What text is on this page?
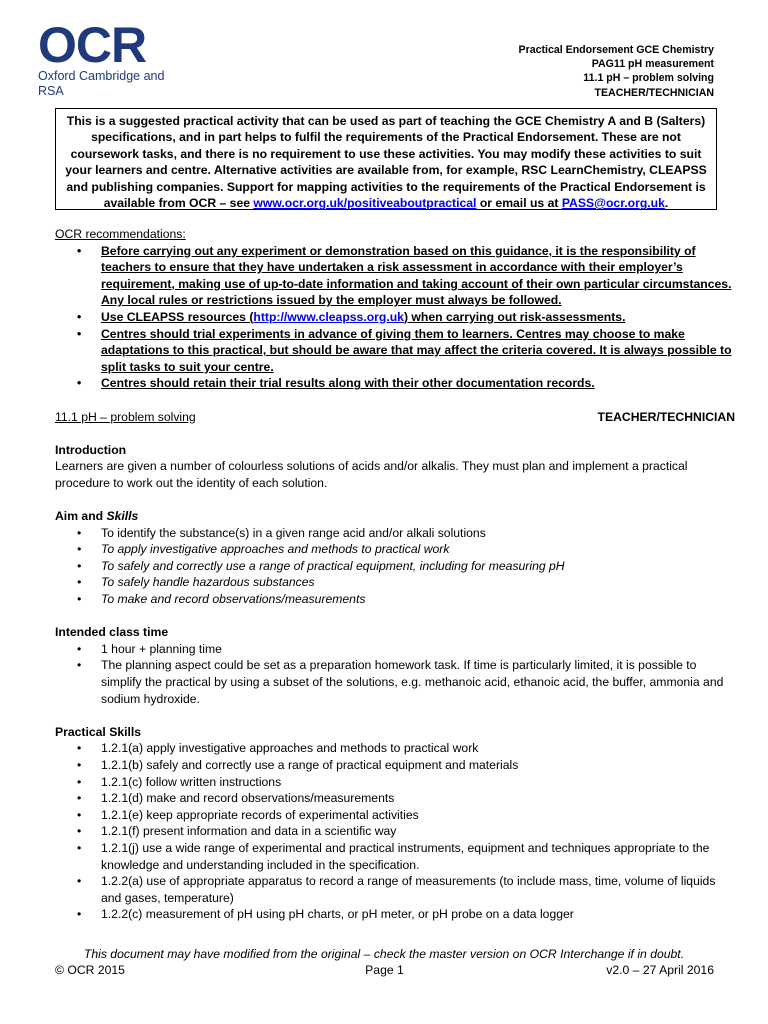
OCR
Oxford Cambridge and RSA
Practical Endorsement GCE Chemistry
PAG11 pH measurement
11.1 pH – problem solving
TEACHER/TECHNICIAN
This is a suggested practical activity that can be used as part of teaching the GCE Chemistry A and B (Salters) specifications, and in part helps to fulfil the requirements of the Practical Endorsement. These are not coursework tasks, and there is no requirement to use these activities. You may modify these activities to suit your learners and centre. Alternative activities are available from, for example, RSC LearnChemistry, CLEAPSS and publishing companies. Support for mapping activities to the requirements of the Practical Endorsement is available from OCR – see www.ocr.org.uk/positiveaboutpractical or email us at PASS@ocr.org.uk.
OCR recommendations:
• Before carrying out any experiment or demonstration based on this guidance, it is the responsibility of teachers to ensure that they have undertaken a risk assessment in accordance with their employer’s requirement, making use of up-to-date information and taking account of their own particular circumstances. Any local rules or restrictions issued by the employer must always be followed.
• Use CLEAPSS resources (http://www.cleapss.org.uk) when carrying out risk-assessments.
• Centres should trial experiments in advance of giving them to learners. Centres may choose to make adaptations to this practical, but should be aware that may affect the criteria covered. It is always possible to split tasks to suit your centre.
• Centres should retain their trial results along with their other documentation records.
11.1 pH – problem solving	TEACHER/TECHNICIAN
Introduction
Learners are given a number of colourless solutions of acids and/or alkalis. They must plan and implement a practical procedure to work out the identity of each solution.
Aim and Skills
• To identify the substance(s) in a given range acid and/or alkali solutions
• To apply investigative approaches and methods to practical work
• To safely and correctly use a range of practical equipment, including for measuring pH
• To safely handle hazardous substances
• To make and record observations/measurements
Intended class time
• 1 hour + planning time
• The planning aspect could be set as a preparation homework task. If time is particularly limited, it is possible to simplify the practical by using a subset of the solutions, e.g. methanoic acid, ethanoic acid, the buffer, ammonia and sodium hydroxide.
Practical Skills
• 1.2.1(a) apply investigative approaches and methods to practical work
• 1.2.1(b) safely and correctly use a range of practical equipment and materials
• 1.2.1(c) follow written instructions
• 1.2.1(d) make and record observations/measurements
• 1.2.1(e) keep appropriate records of experimental activities
• 1.2.1(f) present information and data in a scientific way
• 1.2.1(j) use a wide range of experimental and practical instruments, equipment and techniques appropriate to the knowledge and understanding included in the specification.
• 1.2.2(a) use of appropriate apparatus to record a range of measurements (to include mass, time, volume of liquids and gases, temperature)
• 1.2.2(c) measurement of pH using pH charts, or pH meter, or pH probe on a data logger
This document may have modified from the original – check the master version on OCR Interchange if in doubt.
© OCR 2015	Page 1	v2.0 – 27 April 2016
